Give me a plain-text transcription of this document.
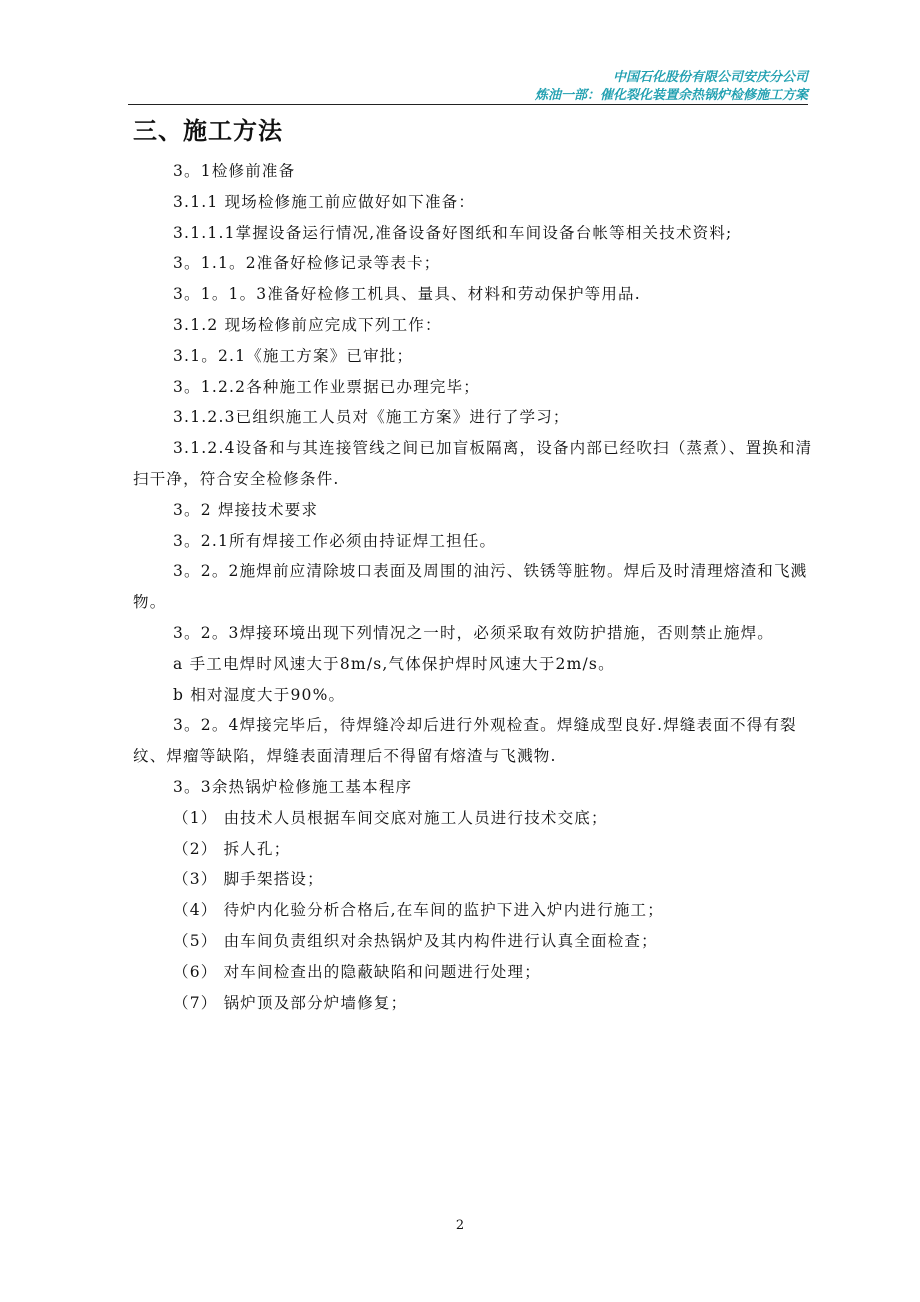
中国石化股份有限公司安庆分公司
炼油一部：催化裂化装置余热锅炉检修施工方案
三、施工方法
3。1检修前准备
3.1.1 现场检修施工前应做好如下准备：
3.1.1.1掌握设备运行情况,准备设备好图纸和车间设备台帐等相关技术资料;
3。1.1。2准备好检修记录等表卡；
3。1。1。3准备好检修工机具、量具、材料和劳动保护等用品.
3.1.2 现场检修前应完成下列工作：
3.1。2.1《施工方案》已审批；
3。1.2.2各种施工作业票据已办理完毕；
3.1.2.3已组织施工人员对《施工方案》进行了学习；
3.1.2.4设备和与其连接管线之间已加盲板隔离，设备内部已经吹扫（蒸煮）、置换和清扫干净，符合安全检修条件.
3。2 焊接技术要求
3。2.1所有焊接工作必须由持证焊工担任。
3。2。2施焊前应清除坡口表面及周围的油污、铁锈等脏物。焊后及时清理熔渣和飞溅物。
3。2。3焊接环境出现下列情况之一时，必须采取有效防护措施，否则禁止施焊。
a 手工电焊时风速大于8m/s,气体保护焊时风速大于2m/s。
b 相对湿度大于90%。
3。2。4焊接完毕后，待焊缝冷却后进行外观检查。焊缝成型良好.焊缝表面不得有裂纹、焊瘤等缺陷，焊缝表面清理后不得留有熔渣与飞溅物.
3。3余热锅炉检修施工基本程序
（1） 由技术人员根据车间交底对施工人员进行技术交底；
（2） 拆人孔；
（3） 脚手架搭设；
（4） 待炉内化验分析合格后,在车间的监护下进入炉内进行施工；
（5） 由车间负责组织对余热锅炉及其内构件进行认真全面检查；
（6） 对车间检查出的隐蔽缺陷和问题进行处理；
（7） 锅炉顶及部分炉墙修复；
2
